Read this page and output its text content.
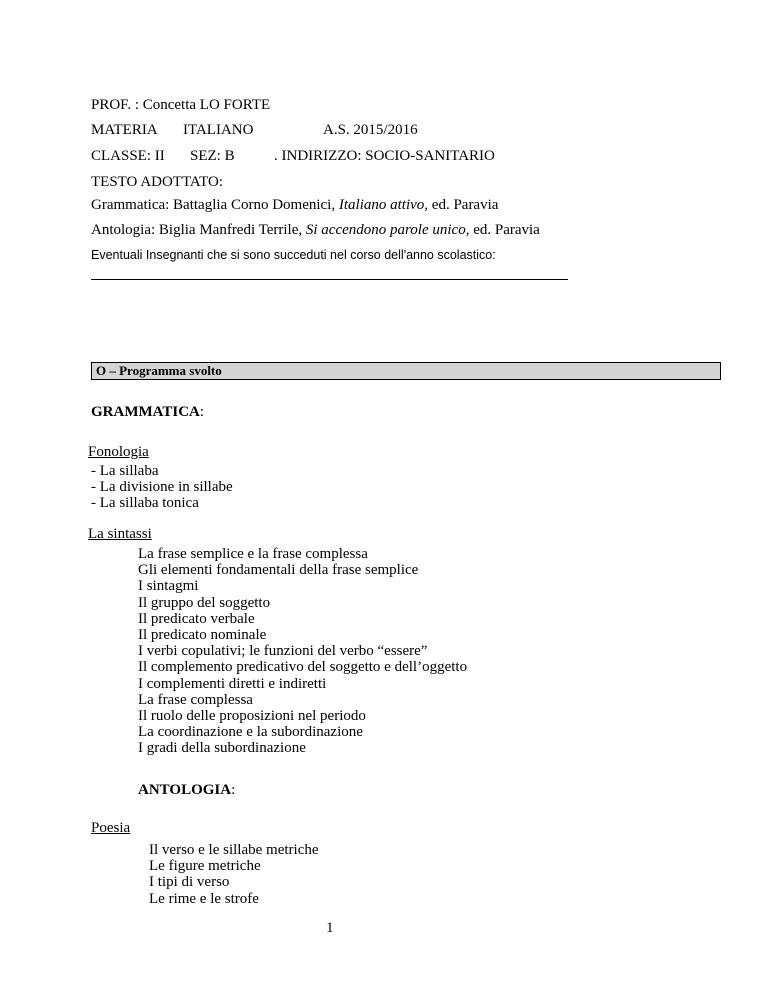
PROF. : Concetta LO FORTE
MATERIA ITALIANO	A.S. 2015/2016
CLASSE: II SEZ: B	. INDIRIZZO: SOCIO-SANITARIO
TESTO ADOTTATO:
Grammatica: Battaglia Corno Domenici, Italiano attivo, ed. Paravia
Antologia: Biglia Manfredi Terrile, Si accendono parole unico, ed. Paravia
Eventuali Insegnanti che si sono succeduti nel corso dell'anno scolastico:
O – Programma svolto
GRAMMATICA:
Fonologia
- La sillaba
- La divisione in sillabe
- La sillaba tonica
La sintassi
La frase semplice e la frase complessa
Gli elementi fondamentali della frase semplice
I sintagmi
Il gruppo del soggetto
Il predicato verbale
Il predicato nominale
I verbi copulativi; le funzioni del verbo “essere”
Il complemento predicativo del soggetto e dell’oggetto
I complementi diretti e indiretti
La frase complessa
Il ruolo delle proposizioni nel periodo
La coordinazione e la subordinazione
I gradi della subordinazione
ANTOLOGIA:
Poesia
Il verso e le sillabe metriche
Le figure metriche
I tipi di verso
Le rime e le strofe
1
